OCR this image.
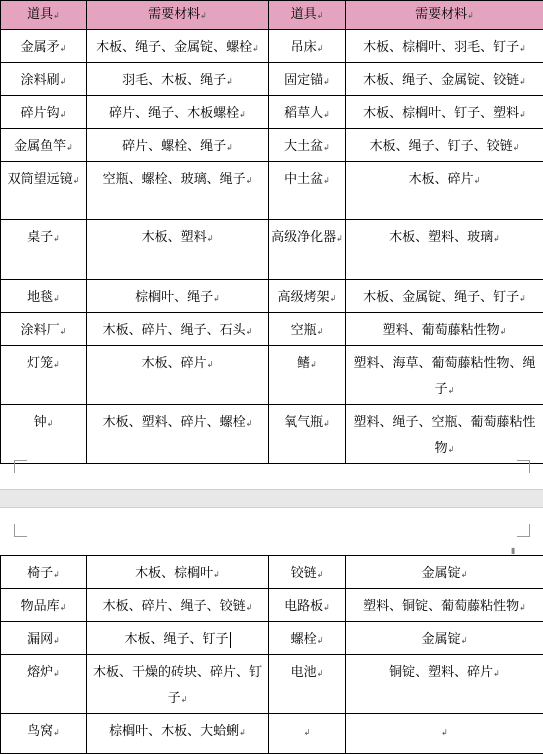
道具 ↲	需要材料 ↲	道具 ↲	需要材料 ↲
金属矛 ↲	木板、绳子、金属锭、螺栓 ↲	吊床 ↲	木板、棕榈叶、羽毛、钉子 ↲
涂料刷 ↲	羽毛、木板、绳子 ↲	固定锚 ↲	木板、绳子、金属锭、铰链 ↲
碎片钩 ↲	碎片、绳子、木板螺栓 ↲	稻草人 ↲	木板、棕榈叶、钉子、塑料 ↲
金属鱼竿 ↲	碎片、螺栓、绳子 ↲	大土盆 ↲	木板、绳子、钉子、铰链 ↲
双筒望远镜 ↲	空瓶、螺栓、玻璃、绳子 ↲	中土盆 ↲	木板、碎片 ↲
桌子 ↲	木板、塑料 ↲	高级净化器 ↲	木板、塑料、玻璃 ↲
地毯 ↲	棕榈叶、绳子 ↲	高级烤架 ↲	木板、金属锭、绳子、钉子 ↲
涂料厂 ↲	木板、碎片、绳子、石头 ↲	空瓶 ↲	塑料、葡萄藤粘性物 ↲
灯笼 ↲	木板、碎片 ↲	鳍 ↲	塑料、海草、葡萄藤粘性物、绳子 ↲
钟 ↲	木板、塑料、碎片、螺栓 ↲	氧气瓶 ↲	塑料、绳子、空瓶、葡萄藤粘性物 ↲
▮
椅子 ↲	木板、棕榈叶 ↲	铰链 ↲	金属锭 ↲
物品库 ↲	木板、碎片、绳子、铰链 ↲	电路板 ↲	塑料、铜锭、葡萄藤粘性物 ↲
漏网 ↲	木板、绳子、钉子	螺栓 ↲	金属锭 ↲
熔炉 ↲	木板、干燥的砖块、碎片、钉子 ↲	电池 ↲	铜锭、塑料、碎片 ↲
鸟窝 ↲	棕榈叶、木板、大蛤蜊 ↲	↲	↲
